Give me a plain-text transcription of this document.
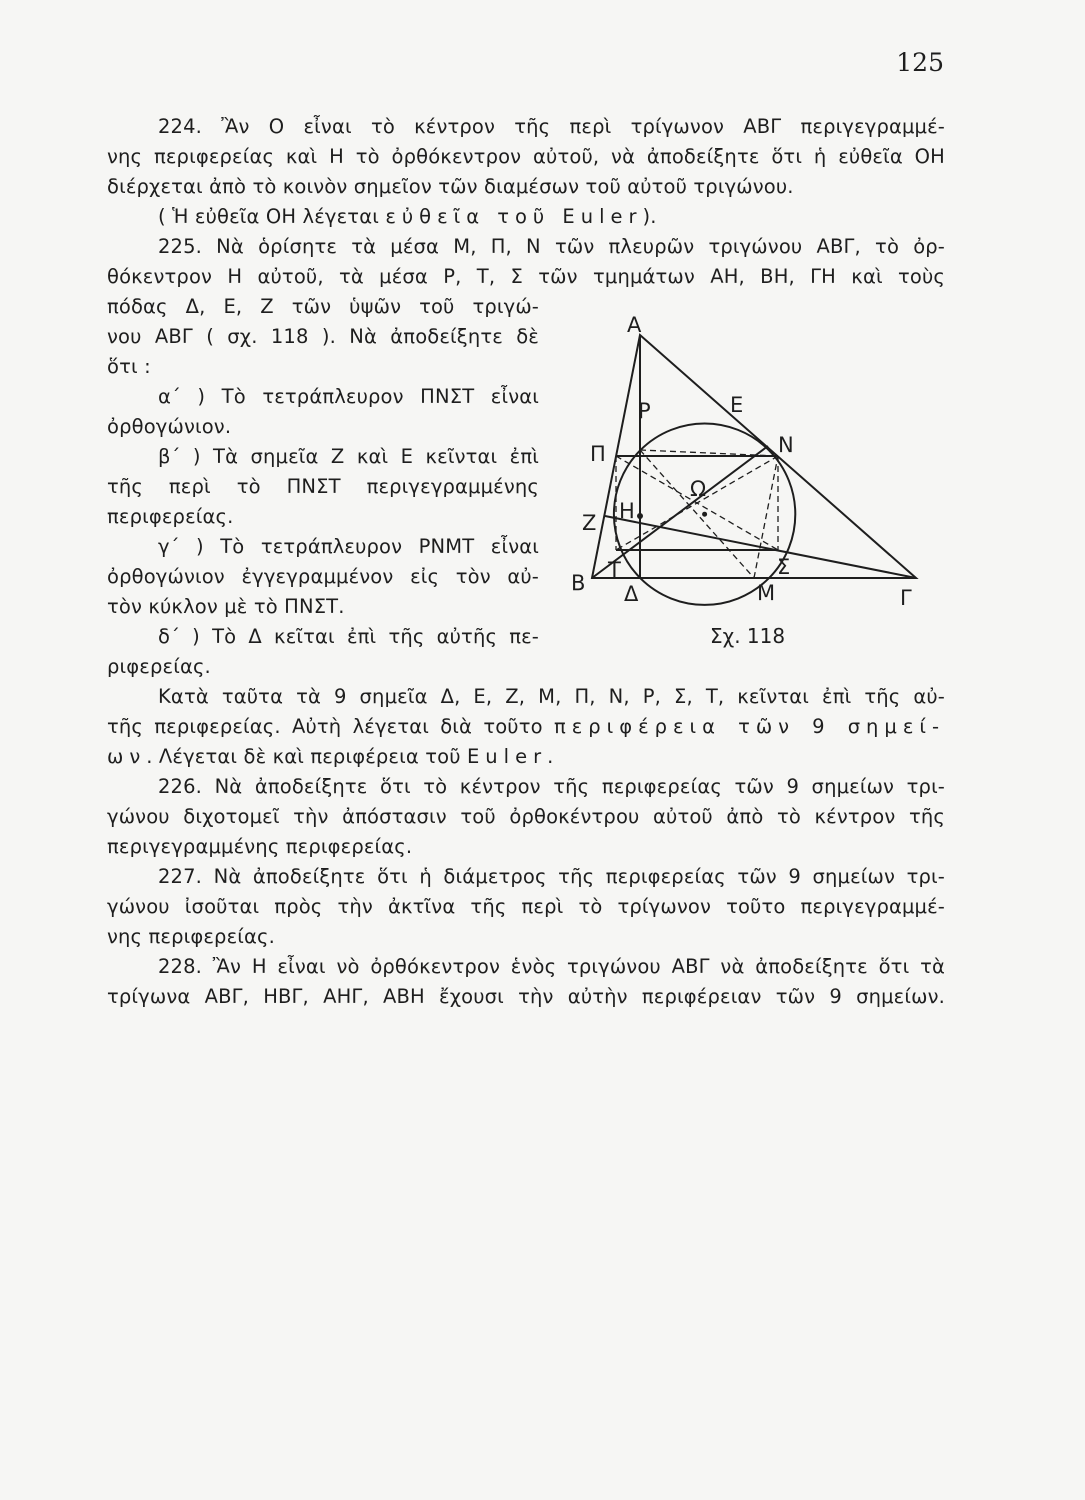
125
224. Ἂν Ο εἶναι τὸ κέντρον τῆς περὶ τρίγωνον ΑΒΓ περιγεγραμμέ-
νης περιφερείας καὶ Η τὸ ὀρθόκεντρον αὐτοῦ, νὰ ἀποδείξητε ὅτι ἡ εὐθεῖα ΟΗ
διέρχεται ἀπὸ τὸ κοινὸν σημεῖον τῶν διαμέσων τοῦ αὐτοῦ τριγώνου.
( Ἡ εὐθεῖα ΟΗ λέγεται εὐθεῖα τοῦ Euler).
225. Νὰ ὁρίσητε τὰ μέσα Μ, Π, Ν τῶν πλευρῶν τριγώνου ΑΒΓ, τὸ ὀρ-
θόκεντρον Η αὐτοῦ, τὰ μέσα Ρ, Τ, Σ τῶν τμημάτων ΑΗ, ΒΗ, ΓΗ καὶ τοὺς
πόδας Δ, Ε, Ζ τῶν ὑψῶν τοῦ τριγώ-
νου ΑΒΓ ( σχ. 118 ). Νὰ ἀποδείξητε δὲ
ὅτι :
α΄ ) Τὸ τετράπλευρον ΠΝΣΤ εἶναι
ὀρθογώνιον.
β΄ ) Τὰ σημεῖα Ζ καὶ Ε κεῖνται ἐπὶ
τῆς περὶ τὸ ΠΝΣΤ περιγεγραμμένης
περιφερείας.
γ΄ ) Τὸ τετράπλευρον ΡΝΜΤ εἶναι
ὀρθογώνιον ἐγγεγραμμένον εἰς τὸν αὐ-
τὸν κύκλον μὲ τὸ ΠΝΣΤ.
δ΄ ) Τὸ Δ κεῖται ἐπὶ τῆς αὐτῆς πε-
ριφερείας.
Κατὰ ταῦτα τὰ 9 σημεῖα Δ, Ε, Ζ, Μ, Π, Ν, Ρ, Σ, Τ, κεῖνται ἐπὶ τῆς αὐ-
τῆς περιφερείας. Αὐτὴ λέγεται διὰ τοῦτο περιφέρεια τῶν 9 σημεί-
ων. Λέγεται δὲ καὶ περιφέρεια τοῦ Euler.
226. Νὰ ἀποδείξητε ὅτι τὸ κέντρον τῆς περιφερείας τῶν 9 σημείων τρι-
γώνου διχοτομεῖ τὴν ἀπόστασιν τοῦ ὀρθοκέντρου αὐτοῦ ἀπὸ τὸ κέντρον τῆς
περιγεγραμμένης περιφερείας.
227. Νὰ ἀποδείξητε ὅτι ἡ διάμετρος τῆς περιφερείας τῶν 9 σημείων τρι-
γώνου ἰσοῦται πρὸς τὴν ἀκτῖνα τῆς περὶ τὸ τρίγωνον τοῦτο περιγεγραμμέ-
νης περιφερείας.
228. Ἂν Η εἶναι νὸ ὀρθόκεντρον ἑνὸς τριγώνου ΑΒΓ νὰ ἀποδείξητε ὅτι τὰ
τρίγωνα ΑΒΓ, ΗΒΓ, ΑΗΓ, ΑΒΗ ἔχουσι τὴν αὐτὴν περιφέρειαν τῶν 9 σημείων.
Α
Β
Γ
Δ
Ε
Ζ Η
Μ
Ν
Π
Ρ
Σ
Τ
Ω
Σχ. 118
